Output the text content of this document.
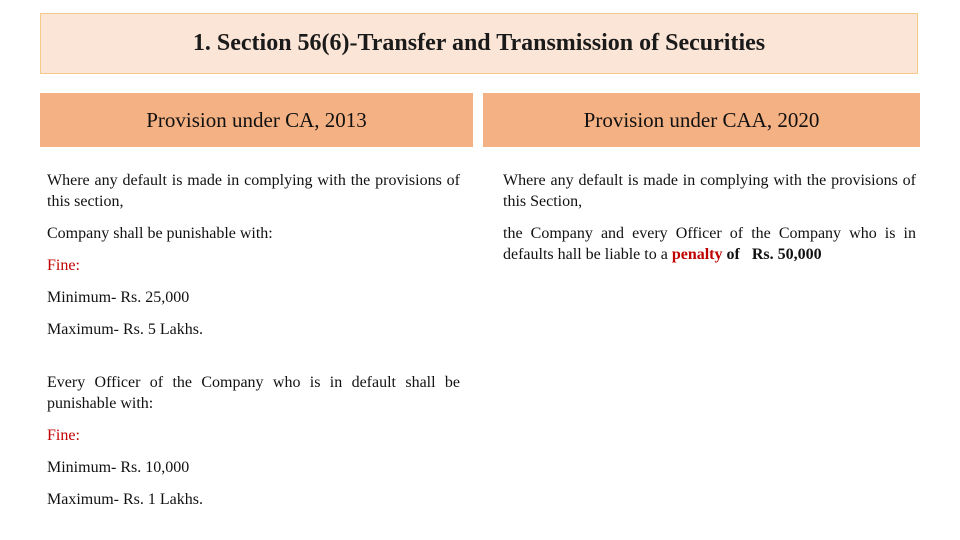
1. Section 56(6)-Transfer and Transmission of Securities
Provision under CA, 2013	Provision under CAA, 2020

Where any default is made in complying with the provisions of this section,

Company shall be punishable with:

Fine:

Minimum- Rs. 25,000

Maximum- Rs. 5 Lakhs.

Every Officer of the Company who is in default shall be punishable with:

Fine:

Minimum- Rs. 10,000

Maximum- Rs. 1 Lakhs.

Where any default is made in complying with the provisions of this Section,

the Company and every Officer of the Company who is in defaults hall be liable to a penalty of Rs. 50,000
